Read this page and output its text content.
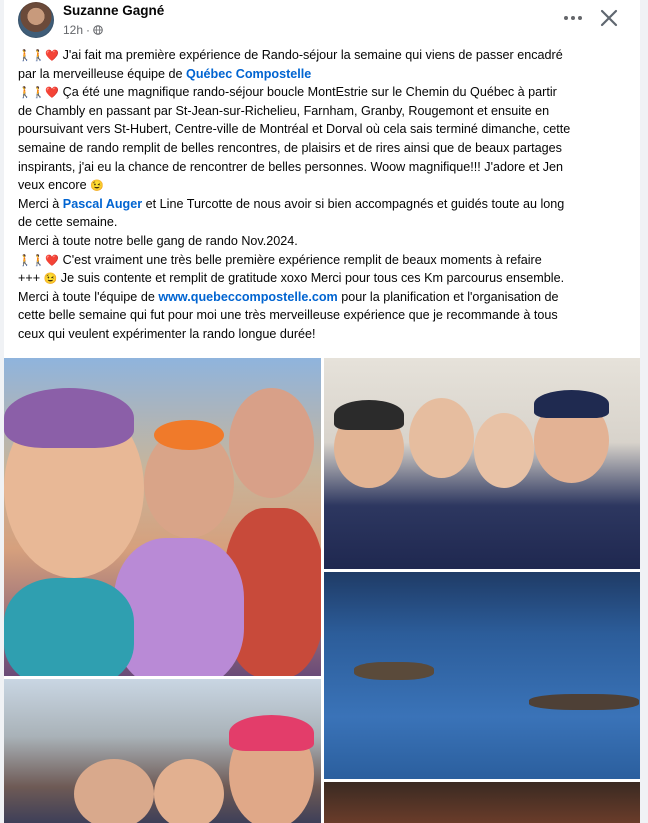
Suzanne Gagné
12h ·

🚶🚶❤️ J'ai fait ma première expérience de Rando-séjour la semaine qui viens de passer encadré

par la merveilleuse équipe de Québec Compostelle

🚶🚶❤️ Ça été une magnifique rando-séjour boucle MontEstrie sur le Chemin du Québec à partir

de Chambly en passant par St-Jean-sur-Richelieu, Farnham, Granby, Rougemont et ensuite en

poursuivant vers St-Hubert, Centre-ville de Montréal et Dorval où cela sais terminé dimanche, cette

semaine de rando remplit de belles rencontres, de plaisirs et de rires ainsi que de beaux partages

inspirants, j'ai eu la chance de rencontrer de belles personnes. Woow magnifique!!! J'adore et Jen

veux encore 😉

Merci à Pascal Auger et Line Turcotte de nous avoir si bien accompagnés et guidés toute au long

de cette semaine.

Merci à toute notre belle gang de rando Nov.2024.

🚶🚶❤️ C'est vraiment une très belle première expérience remplit de beaux moments à refaire

+++ 😉 Je suis contente et remplit de gratitude xoxo Merci pour tous ces Km parcourus ensemble.

Merci à toute l'équipe de www.quebeccompostelle.com pour la planification et l'organisation de

cette belle semaine qui fut pour moi une très merveilleuse expérience que je recommande à tous

ceux qui veulent expérimenter la rando longue durée!
